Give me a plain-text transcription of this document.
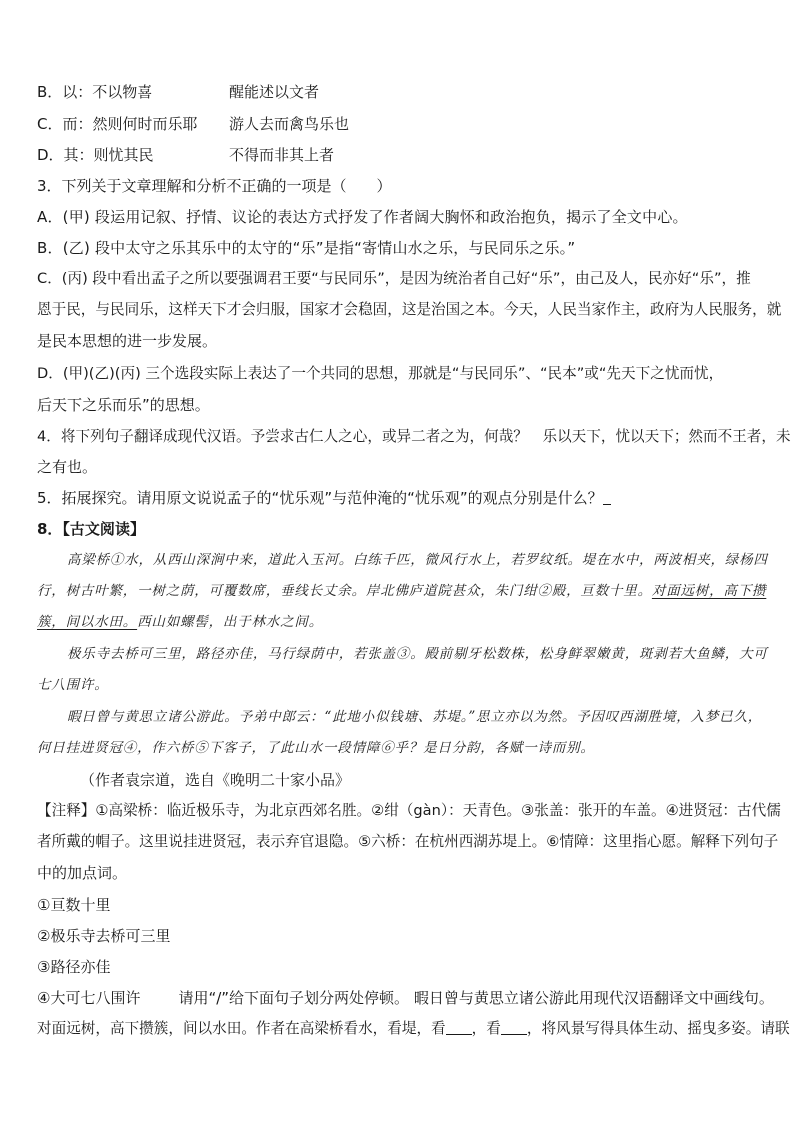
B．以：不以物喜	醒能述以文者
C．而：然则何时而乐耶 游人去而禽鸟乐也
D．其：则忧其民	不得而非其上者
3．下列关于文章理解和分析不正确的一项是（　　）
A．(甲) 段运用记叙、抒情、议论的表达方式抒发了作者阔大胸怀和政治抱负，揭示了全文中心。
B．(乙) 段中太守之乐其乐中的太守的“乐”是指“寄情山水之乐，与民同乐之乐。”
C．(丙) 段中看出孟子之所以要强调君王要“与民同乐”，是因为统治者自己好“乐”，由己及人，民亦好“乐”，推
恩于民，与民同乐，这样天下才会归服，国家才会稳固，这是治国之本。今天，人民当家作主，政府为人民服务，就
是民本思想的进一步发展。
D．(甲)(乙)(丙) 三个选段实际上表达了一个共同的思想，那就是“与民同乐”、“民本”或“先天下之忧而忧，
后天下之乐而乐”的思想。
4．将下列句子翻译成现代汉语。予尝求古仁人之心，或异二者之为，何哉？　乐以天下，忧以天下；然而不王者，未
之有也。
5．拓展探究。请用原文说说孟子的“忧乐观”与范仲淹的“忧乐观”的观点分别是什么？
8．【古文阅读】
高梁桥①水，从西山深涧中来，道此入玉河。白练千匹，微风行水上，若罗纹纸。堤在水中，两波相夹，绿杨四
行，树古叶繁，一树之荫，可覆数席，垂线长丈余。岸北佛庐道院甚众，朱门绀②殿，亘数十里。对面远树，高下攒
簇，间以水田。西山如螺髻，出于林水之间。
极乐寺去桥可三里，路径亦佳，马行绿荫中，若张盖③。殿前剔牙松数株，松身鲜翠嫩黄，斑剥若大鱼鳞，大可
七八围许。
暇日曾与黄思立诸公游此。予弟中郎云：“此地小似钱塘、苏堤。”思立亦以为然。予因叹西湖胜境，入梦已久，
何日挂进贤冠④，作六桥⑤下客子，了此山水一段情障⑥乎？是日分韵，各赋一诗而别。
（作者袁宗道，选自《晚明二十家小品》
【注释】①高梁桥：临近极乐寺，为北京西郊名胜。②绀（gàn）：天青色。③张盖：张开的车盖。④进贤冠：古代儒
者所戴的帽子。这里说挂进贤冠，表示弃官退隐。⑤六桥：在杭州西湖苏堤上。⑥情障：这里指心愿。解释下列句子
中的加点词。
①亘数十里
②极乐寺去桥可三里
③路径亦佳
④大可七八围许	请用“/”给下面句子划分两处停顿。 暇日曾与黄思立诸公游此用现代汉语翻译文中画线句。
对面远树，高下攒簇，间以水田。作者在高梁桥看水，看堤，看 ，看 ，将风景写得具体生动、摇曳多姿。请联
